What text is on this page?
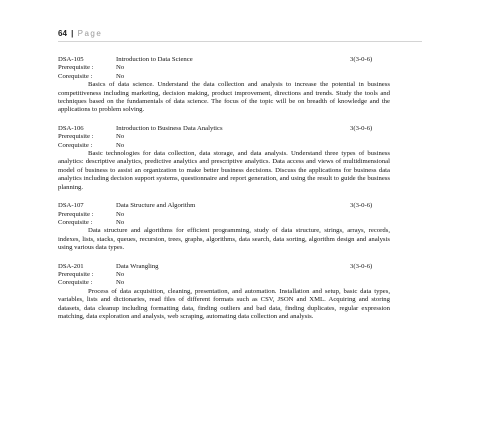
64 | Page
DSA-105	Introduction to Data Science	3(3-0-6)
Prerequisite :	No
Corequisite :	No
Basics of data science. Understand the data collection and analysis to increase the potential in business competitiveness including marketing, decision making, product improvement, directions and trends. Study the tools and techniques based on the fundamentals of data science. The focus of the topic will be on breadth of knowledge and the applications to problem solving.
DSA-106	Introduction to Business Data Analytics	3(3-0-6)
Prerequisite :	No
Corequisite :	No
Basic technologies for data collection, data storage, and data analysis. Understand three types of business analytics: descriptive analytics, predictive analytics and prescriptive analytics. Data access and views of multidimensional model of business to assist an organization to make better business decisions. Discuss the applications for business data analytics including decision support systems, questionnaire and report generation, and using the result to guide the business planning.
DSA-107	Data Structure and Algorithm	3(3-0-6)
Prerequisite :	No
Corequisite :	No
Data structure and algorithms for efficient programming, study of data structure, strings, arrays, records, indexes, lists, stacks, queues, recursion, trees, graphs, algorithms, data search, data sorting, algorithm design and analysis using various data types.
DSA-201	Data Wrangling	3(3-0-6)
Prerequisite :	No
Corequisite :	No
Process of data acquisition, cleaning, presentation, and automation. Installation and setup, basic data types, variables, lists and dictionaries, read files of different formats such as CSV, JSON and XML. Acquiring and storing datasets, data cleanup including formatting data, finding outliers and bad data, finding duplicates, regular expression matching, data exploration and analysis, web scraping, automating data collection and analysis.
